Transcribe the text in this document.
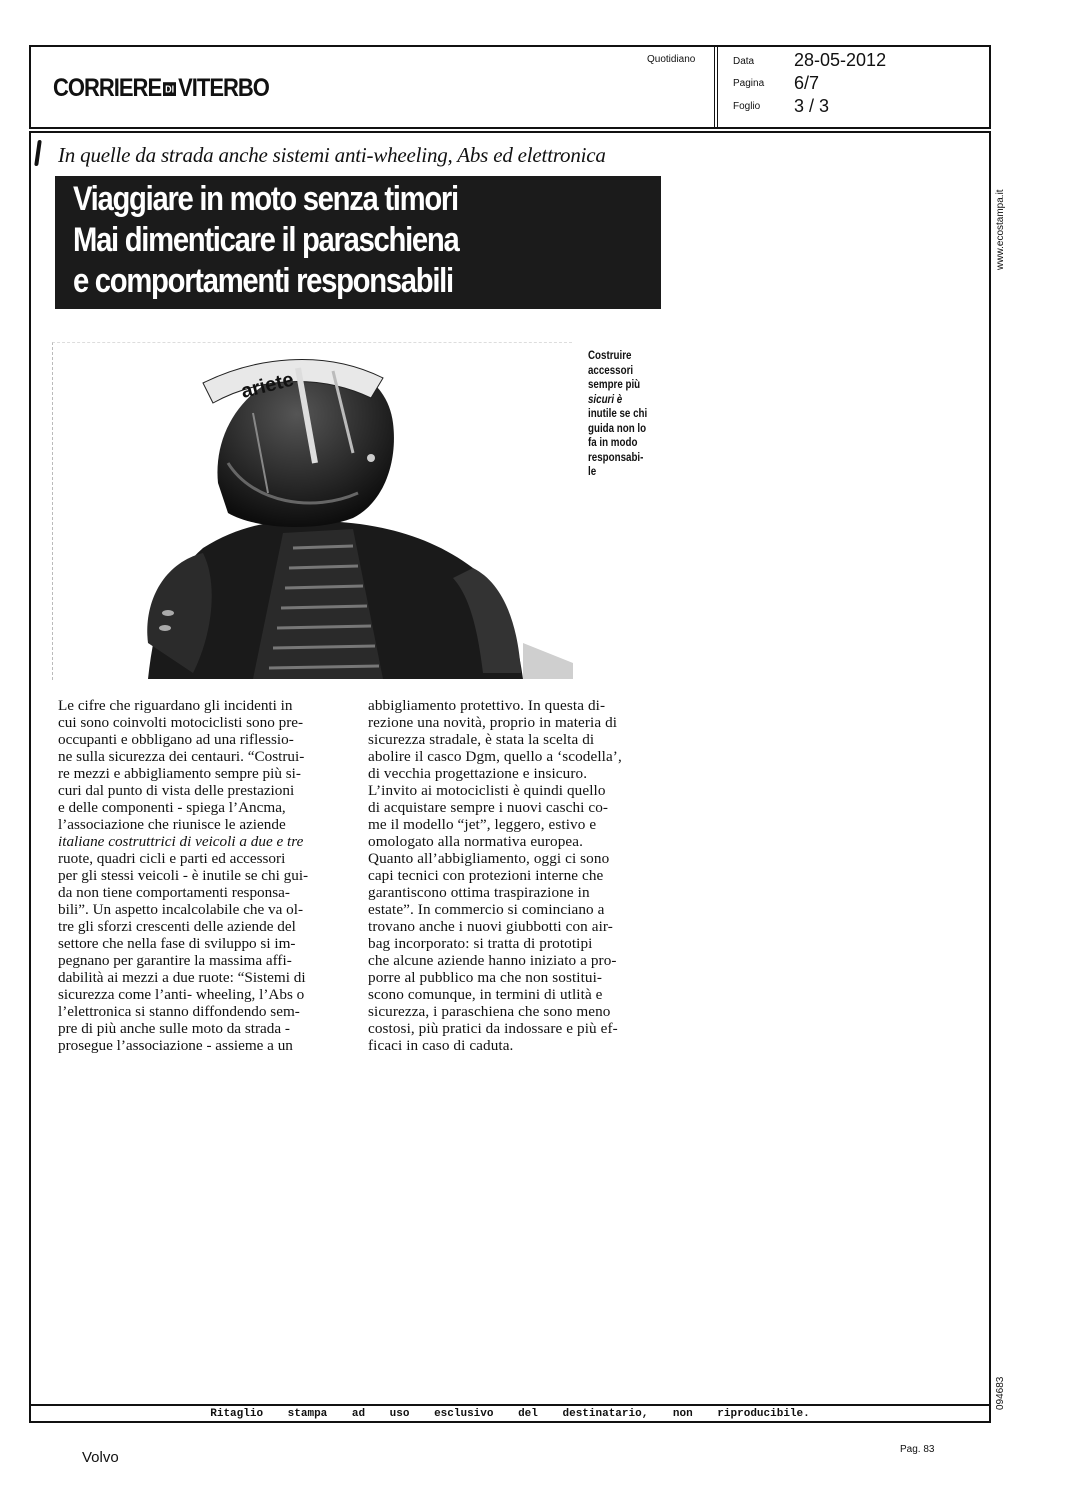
CORRIERE DI VITERBO
Quotidiano	Data 28-05-2012
Pagina 6/7
Foglio 3 / 3
www.ecostampa.it
094683
Ritaglio stampa ad uso esclusivo del destinatario, non riproducibile.
In quelle da strada anche sistemi anti-wheeling, Abs ed elettronica
Viaggiare in moto senza timori
Mai dimenticare il paraschiena
e comportamenti responsabili
ariete
Costruire
accessori
sempre più
sicuri è
inutile se chi
guida non lo
fa in modo
responsabi-
le
Le cifre che riguardano gli incidenti in
cui sono coinvolti motociclisti sono pre-
occupanti e obbligano ad una riflessio-
ne sulla sicurezza dei centauri. “Costrui-
re mezzi e abbigliamento sempre più si-
curi dal punto di vista delle prestazioni
e delle componenti - spiega l’Ancma,
l’associazione che riunisce le aziende
italiane costruttrici di veicoli a due e tre
ruote, quadri cicli e parti ed accessori
per gli stessi veicoli - è inutile se chi gui-
da non tiene comportamenti responsa-
bili”. Un aspetto incalcolabile che va ol-
tre gli sforzi crescenti delle aziende del
settore che nella fase di sviluppo si im-
pegnano per garantire la massima affi-
dabilità ai mezzi a due ruote: “Sistemi di
sicurezza come l’anti- wheeling, l’Abs o
l’elettronica si stanno diffondendo sem-
pre di più anche sulle moto da strada -
prosegue l’associazione - assieme a un
abbigliamento protettivo. In questa di-
rezione una novità, proprio in materia di
sicurezza stradale, è stata la scelta di
abolire il casco Dgm, quello a ‘scodella’,
di vecchia progettazione e insicuro.
L’invito ai motociclisti è quindi quello
di acquistare sempre i nuovi caschi co-
me il modello “jet”, leggero, estivo e
omologato alla normativa europea.
Quanto all’abbigliamento, oggi ci sono
capi tecnici con protezioni interne che
garantiscono ottima traspirazione in
estate”. In commercio si cominciano a
trovano anche i nuovi giubbotti con air-
bag incorporato: si tratta di prototipi
che alcune aziende hanno iniziato a pro-
porre al pubblico ma che non sostitui-
scono comunque, in termini di utlità e
sicurezza, i paraschiena che sono meno
costosi, più pratici da indossare e più ef-
ficaci in caso di caduta.
Volvo	Pag. 83
